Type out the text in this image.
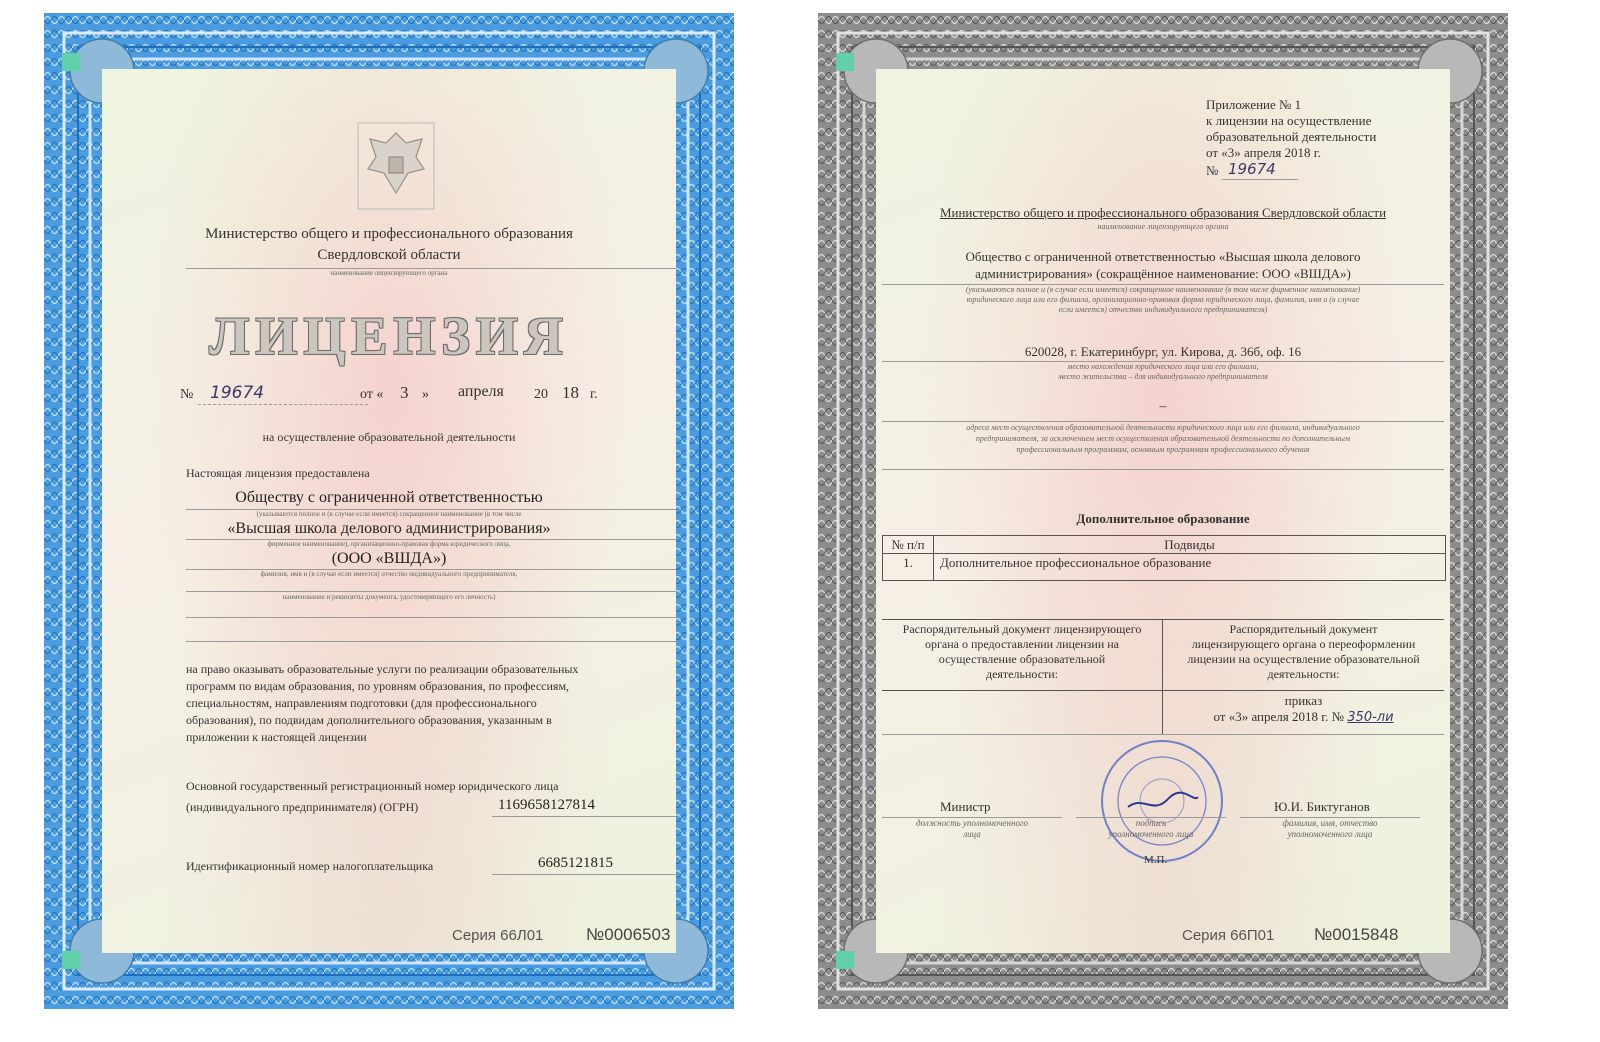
Министерство общего и профессионального образования
Свердловской области
наименование лицензирующего органа
ЛИЦЕНЗИЯ
№ 19674	от « 3 » апреля 20 18 г.
на осуществление образовательной деятельности
Настоящая лицензия предоставлена
Обществу с ограниченной ответственностью
(указываются полное и (в случае если имеется) сокращенное наименование (в том числе
«Высшая школа делового администрирования»
фирменное наименование), организационно-правовая форма юридического лица,
(ООО «ВШДА»)
фамилия, имя и (в случае если имеется) отчество индивидуального предпринимателя,
наименование и реквизиты документа, удостоверяющего его личность)
на право оказывать образовательные услуги по реализации образовательных
программ по видам образования, по уровням образования, по профессиям,
специальностям, направлениям подготовки (для профессионального
образования), по подвидам дополнительного образования, указанным в
приложении к настоящей лицензии
Основной государственный регистрационный номер юридического лица
(индивидуального предпринимателя) (ОГРН)	1169658127814
Идентификационный номер налогоплательщика	6685121815
Серия 66Л01	№0006503
Приложение № 1
к лицензии на осуществление
образовательной деятельности
от «3» апреля 2018 г.
№ 19674
Министерство общего и профессионального образования Свердловской области
наименование лицензирующего органа
Общество с ограниченной ответственностью «Высшая школа делового
администрирования» (сокращённое наименование: ООО «ВШДА»)
(указываются полное и (в случае если имеется) сокращенное наименование (в том числе фирменное наименование)
юридического лица или его филиала, организационно-правовая форма юридического лица, фамилия, имя и (в случае
если имеется) отчество индивидуального предпринимателя)
620028, г. Екатеринбург, ул. Кирова, д. 36б, оф. 16
место нахождения юридического лица или его филиала,
место жительства – для индивидуального предпринимателя
–
адреса мест осуществления образовательной деятельности юридического лица или его филиала, индивидуального
предпринимателя, за исключением мест осуществления образовательной деятельности по дополнительным
профессиональным программам, основным программам профессионального обучения
Дополнительное образование
№ п/п	Подвиды
1.	Дополнительное профессиональное образование
Распорядительный документ лицензирующего
органа о предоставлении лицензии на
осуществление образовательной
деятельности:
Распорядительный документ
лицензирующего органа о переоформлении
лицензии на осуществление образовательной
деятельности:
приказ
от «3» апреля 2018 г. № 350-ли
Министр
должность уполномоченного
лица
подпись
уполномоченного лица
Ю.И. Биктуганов
фамилия, имя, отчество
уполномоченного лица
М.П.
Серия 66П01 №0015848
